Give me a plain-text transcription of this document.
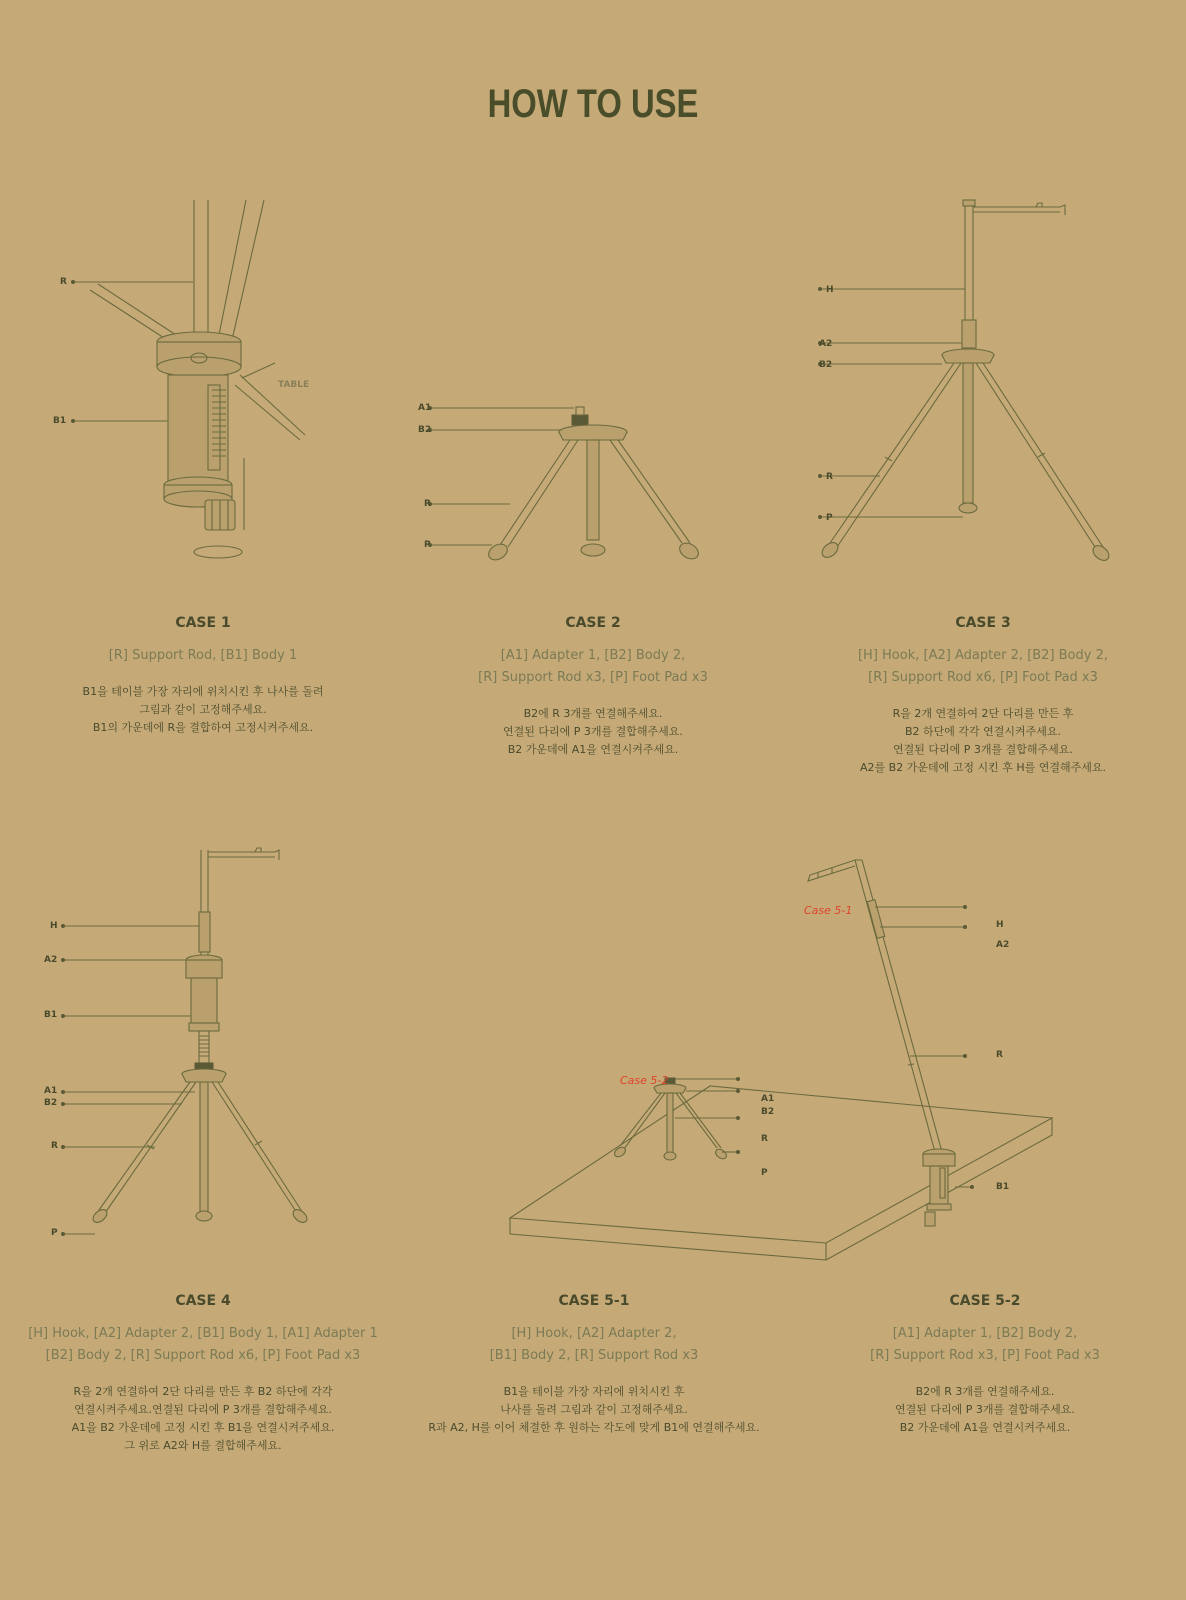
HOW TO USE
R
B1
TABLE
A1
B2
R
P
H
A2
B2
R
P
H
A2
B1
A1
B2
R
P
Case 5-1
Case 5-2
H
A2
R
B1
A1
B2
R
P
CASE 1
[R] Support Rod, [B1] Body 1
B1을 테이블 가장 자리에 위치시킨 후 나사를 돌려
그림과 같이 고정해주세요.
B1의 가운데에 R을 결합하여 고정시켜주세요.
CASE 2
[A1] Adapter 1, [B2] Body 2,
[R] Support Rod x3, [P] Foot Pad x3
B2에 R 3개를 연결해주세요.
연결된 다리에 P 3개를 결합해주세요.
B2 가운데에 A1을 연결시켜주세요.
CASE 3
[H] Hook, [A2] Adapter 2, [B2] Body 2,
[R] Support Rod x6, [P] Foot Pad x3
R을 2개 연결하여 2단 다리를 만든 후
B2 하단에 각각 연결시켜주세요.
연결된 다리에 P 3개를 결합해주세요.
A2를 B2 가운데에 고정 시킨 후 H를 연결해주세요.
CASE 4
[H] Hook, [A2] Adapter 2, [B1] Body 1, [A1] Adapter 1
[B2] Body 2, [R] Support Rod x6, [P] Foot Pad x3
R을 2개 연결하여 2단 다리를 만든 후 B2 하단에 각각
연결시켜주세요.연결된 다리에 P 3개를 결합해주세요.
A1을 B2 가운데에 고정 시킨 후 B1을 연결시켜주세요.
그 위로 A2와 H를 결합해주세요.
CASE 5-1
[H] Hook, [A2] Adapter 2,
[B1] Body 2, [R] Support Rod x3
B1을 테이블 가장 자리에 위치시킨 후
나사를 돌려 그림과 같이 고정해주세요.
R과 A2, H를 이어 체결한 후 원하는 각도에 맞게 B1에 연결해주세요.
CASE 5-2
[A1] Adapter 1, [B2] Body 2,
[R] Support Rod x3, [P] Foot Pad x3
B2에 R 3개를 연결해주세요.
연결된 다리에 P 3개를 결합해주세요.
B2 가운데에 A1을 연결시켜주세요.
